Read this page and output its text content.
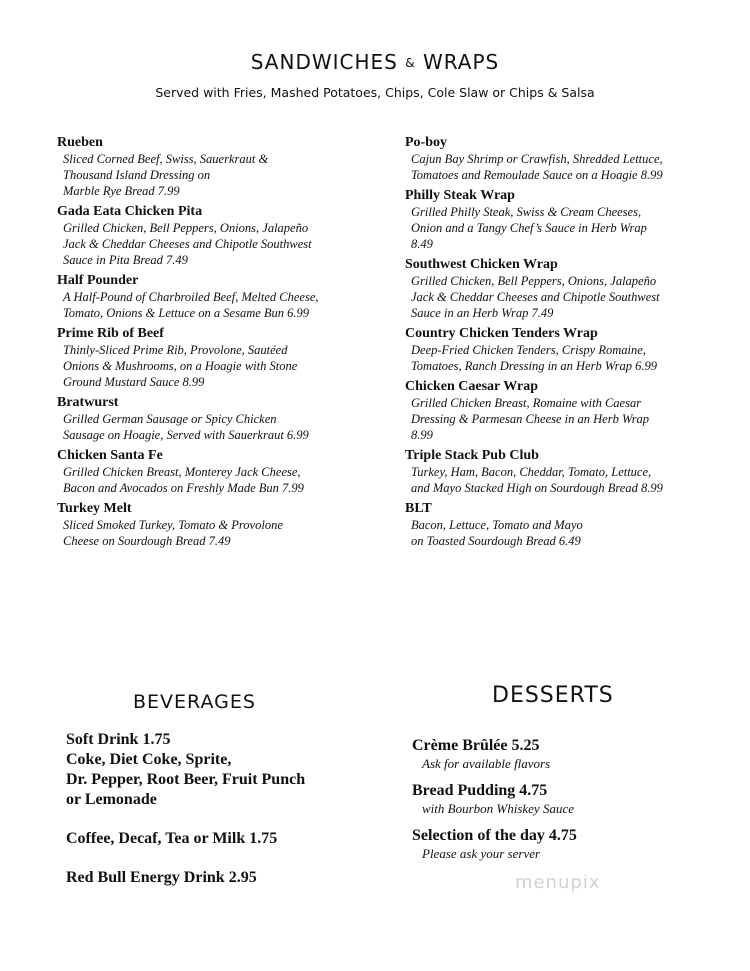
SANDWICHES & WRAPS
Served with Fries, Mashed Potatoes, Chips, Cole Slaw or Chips & Salsa
Rueben
Sliced Corned Beef, Swiss, Sauerkraut &
Thousand Island Dressing on
Marble Rye Bread 7.99
Gada Eata Chicken Pita
Grilled Chicken, Bell Peppers, Onions, Jalapeño
Jack & Cheddar Cheeses and Chipotle Southwest
Sauce in Pita Bread 7.49
Half Pounder
A Half-Pound of Charbroiled Beef, Melted Cheese,
Tomato, Onions & Lettuce on a Sesame Bun 6.99
Prime Rib of Beef
Thinly-Sliced Prime Rib, Provolone, Sautéed
Onions & Mushrooms, on a Hoagie with Stone
Ground Mustard Sauce 8.99
Bratwurst
Grilled German Sausage or Spicy Chicken
Sausage on Hoagie, Served with Sauerkraut 6.99
Chicken Santa Fe
Grilled Chicken Breast, Monterey Jack Cheese,
Bacon and Avocados on Freshly Made Bun 7.99
Turkey Melt
Sliced Smoked Turkey, Tomato & Provolone
Cheese on Sourdough Bread 7.49
Po-boy
Cajun Bay Shrimp or Crawfish, Shredded Lettuce,
Tomatoes and Remoulade Sauce on a Hoagie 8.99
Philly Steak Wrap
Grilled Philly Steak, Swiss & Cream Cheeses,
Onion and a Tangy Chef’s Sauce in Herb Wrap
8.49
Southwest Chicken Wrap
Grilled Chicken, Bell Peppers, Onions, Jalapeño
Jack & Cheddar Cheeses and Chipotle Southwest
Sauce in an Herb Wrap 7.49
Country Chicken Tenders Wrap
Deep-Fried Chicken Tenders, Crispy Romaine,
Tomatoes, Ranch Dressing in an Herb Wrap 6.99
Chicken Caesar Wrap
Grilled Chicken Breast, Romaine with Caesar
Dressing & Parmesan Cheese in an Herb Wrap
8.99
Triple Stack Pub Club
Turkey, Ham, Bacon, Cheddar, Tomato, Lettuce,
and Mayo Stacked High on Sourdough Bread 8.99
BLT
Bacon, Lettuce, Tomato and Mayo
on Toasted Sourdough Bread 6.49
BEVERAGES
Soft Drink 1.75
Coke, Diet Coke, Sprite,
Dr. Pepper, Root Beer, Fruit Punch
or Lemonade
Coffee, Decaf, Tea or Milk 1.75
Red Bull Energy Drink 2.95
DESSERTS
Crème Brûlée 5.25
Ask for available flavors
Bread Pudding 4.75
with Bourbon Whiskey Sauce
Selection of the day 4.75
Please ask your server
menupix
